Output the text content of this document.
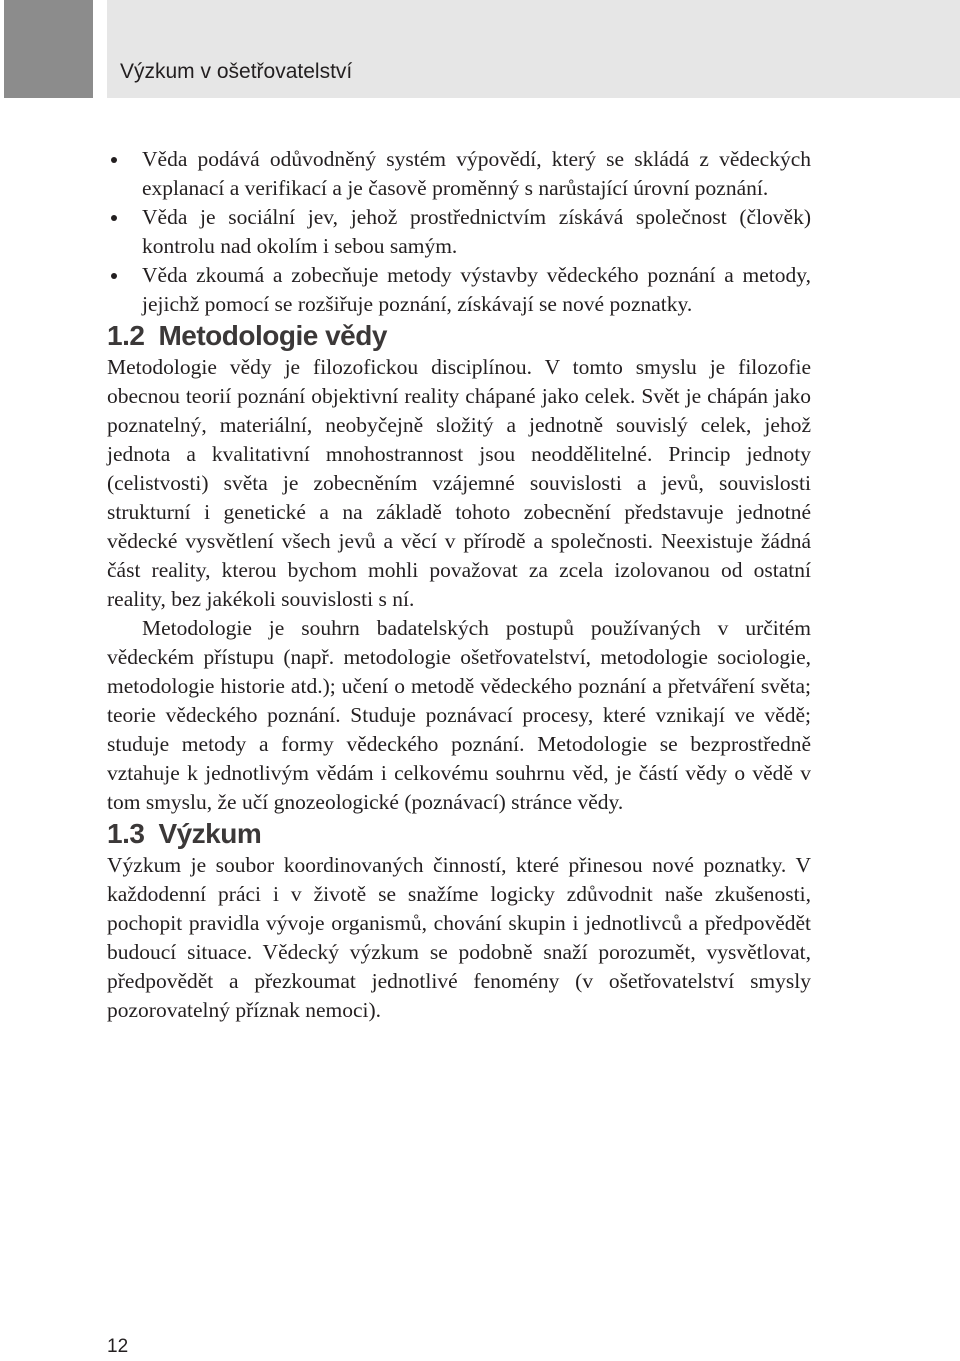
Výzkum v ošetřovatelství
Věda podává odůvodněný systém výpovědí, který se skládá z vědeckých explanací a verifikací a je časově proměnný s narůstající úrovní poznání.
Věda je sociální jev, jehož prostřednictvím získává společnost (člověk) kontrolu nad okolím i sebou samým.
Věda zkoumá a zobecňuje metody výstavby vědeckého poznání a metody, jejichž pomocí se rozšiřuje poznání, získávají se nové poznatky.
1.2 Metodologie vědy

Metodologie vědy je filozofickou disciplínou. V tomto smyslu je filozofie obecnou teorií poznání objektivní reality chápané jako celek. Svět je chápán jako poznatelný, materiální, neobyčejně složitý a jednotně souvislý celek, jehož jednota a kvalitativní mnohostrannost jsou neoddělitelné. Princip jednoty (celistvosti) světa je zobecněním vzájemné souvislosti a jevů, souvislosti strukturní i genetické a na základě tohoto zobecnění představuje jednotné vědecké vysvětlení všech jevů a věcí v přírodě a společnosti. Neexistuje žádná část reality, kterou bychom mohli považovat za zcela izolovanou od ostatní reality, bez jakékoli souvislosti s ní.

Metodologie je souhrn badatelských postupů používaných v určitém vědeckém přístupu (např. metodologie ošetřovatelství, metodologie sociologie, metodologie historie atd.); učení o metodě vědeckého poznání a přetváření světa; teorie vědeckého poznání. Studuje poznávací procesy, které vznikají ve vědě; studuje metody a formy vědeckého poznání. Metodologie se bezprostředně vztahuje k jednotlivým vědám i celkovému souhrnu věd, je částí vědy o vědě v tom smyslu, že učí gnozeologické (poznávací) stránce vědy.

1.3 Výzkum

Výzkum je soubor koordinovaných činností, které přinesou nové poznatky. V každodenní práci i v životě se snažíme logicky zdůvodnit naše zkušenosti, pochopit pravidla vývoje organismů, chování skupin i jednotlivců a předpovědět budoucí situace. Vědecký výzkum se podobně snaží porozumět, vysvětlovat, předpovědět a přezkoumat jednotlivé fenomény (v ošetřovatelství smysly pozorovatelný příznak nemoci).

12
